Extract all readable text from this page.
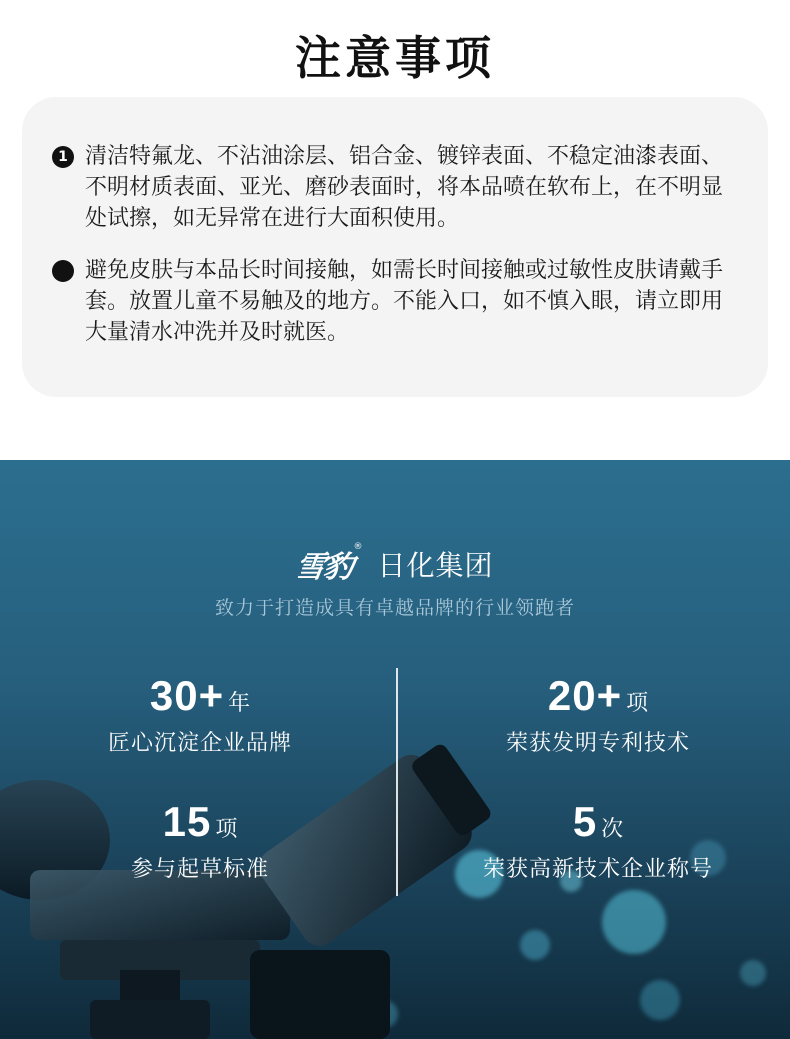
注意事项
1 清洁特氟龙、不沾油涂层、铝合金、镀锌表面、不稳定油漆表面、不明材质表面、亚光、磨砂表面时，将本品喷在软布上，在不明显处试擦，如无异常在进行大面积使用。
避免皮肤与本品长时间接触，如需长时间接触或过敏性皮肤请戴手套。放置儿童不易触及的地方。不能入口，如不慎入眼，请立即用大量清水冲洗并及时就医。
雪豹® 日化集团
致力于打造成具有卓越品牌的行业领跑者
30+ 年
匠心沉淀企业品牌
20+ 项
荣获发明专利技术
15 项
参与起草标准
5 次
荣获高新技术企业称号
